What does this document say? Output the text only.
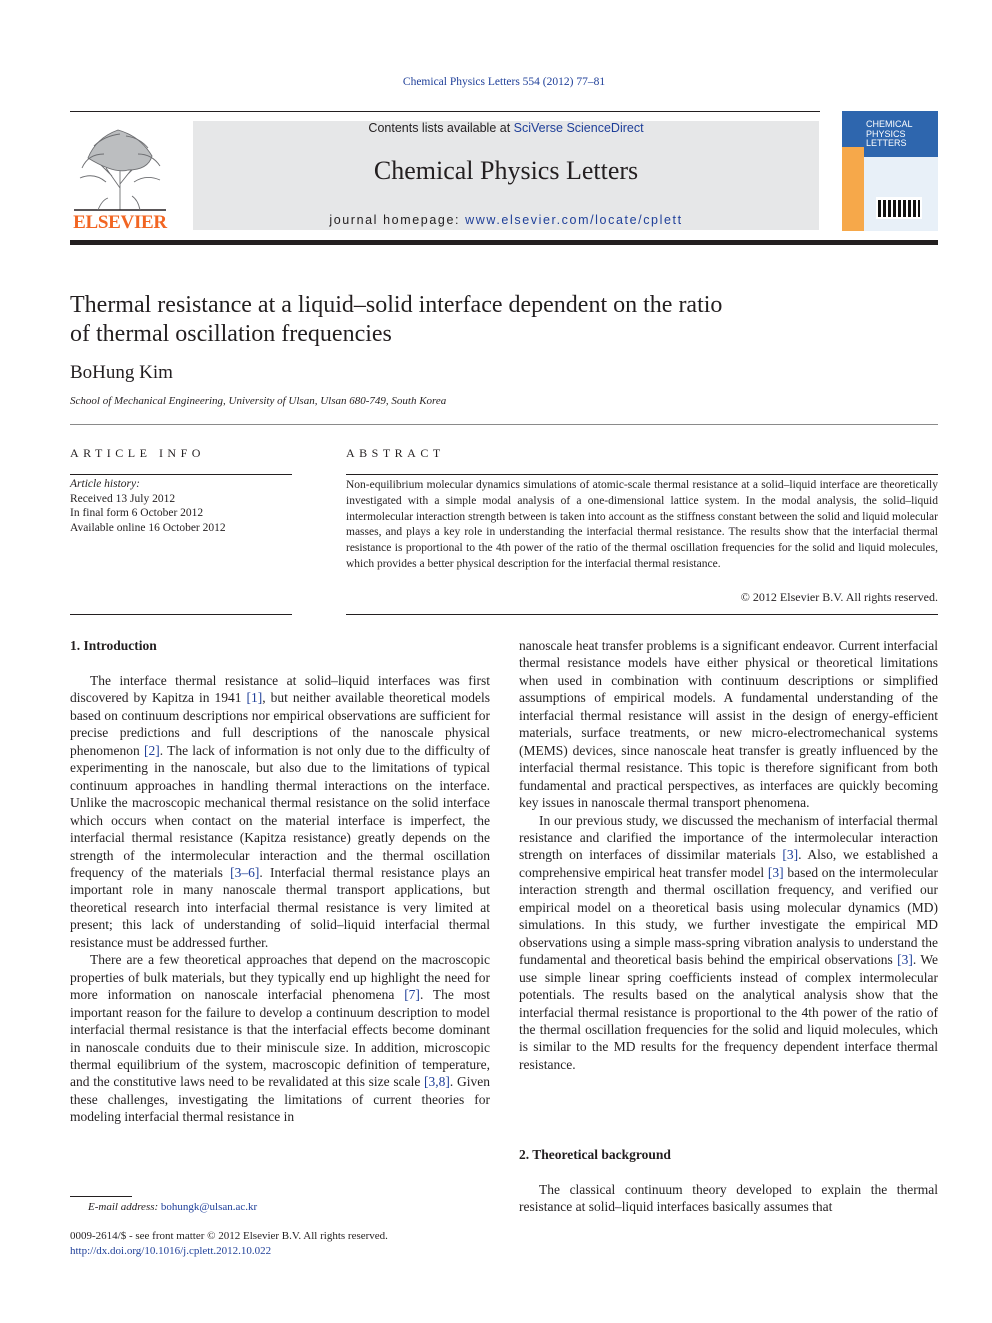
Chemical Physics Letters 554 (2012) 77–81
ELSEVIER
Contents lists available at SciVerse ScienceDirect
Chemical Physics Letters
journal homepage: www.elsevier.com/locate/cplett
CHEMICAL
PHYSICS
LETTERS
Thermal resistance at a liquid–solid interface dependent on the ratio
of thermal oscillation frequencies
BoHung Kim
School of Mechanical Engineering, University of Ulsan, Ulsan 680-749, South Korea
ARTICLE INFO	ABSTRACT
Article history:
Received 13 July 2012
In final form 6 October 2012
Available online 16 October 2012
Non-equilibrium molecular dynamics simulations of atomic-scale thermal resistance at a solid–liquid interface are theoretically investigated with a simple modal analysis of a one-dimensional lattice system. In the modal analysis, the solid–liquid intermolecular interaction strength between is taken into account as the stiffness constant between the solid and liquid molecular masses, and plays a key role in understanding the interfacial thermal resistance. The results show that the interfacial thermal resistance is proportional to the 4th power of the ratio of the thermal oscillation frequencies for the solid and liquid molecules, which provides a better physical description for the interfacial thermal resistance.
© 2012 Elsevier B.V. All rights reserved.
1. Introduction

The interface thermal resistance at solid–liquid interfaces was first discovered by Kapitza in 1941 [1], but neither available theoretical models based on continuum descriptions nor empirical observations are sufficient for precise predictions and full descriptions of the nanoscale physical phenomenon [2]. The lack of information is not only due to the difficulty of experimenting in the nanoscale, but also due to the limitations of typical continuum approaches in handling thermal interactions on the interface. Unlike the macroscopic mechanical thermal resistance on the solid interface which occurs when contact on the material interface is imperfect, the interfacial thermal resistance (Kapitza resistance) greatly depends on the strength of the intermolecular interaction and the thermal oscillation frequency of the materials [3–6]. Interfacial thermal resistance plays an important role in many nanoscale thermal transport applications, but theoretical research into interfacial thermal resistance is very limited at present; this lack of understanding of solid–liquid interfacial thermal resistance must be addressed further.

There are a few theoretical approaches that depend on the macroscopic properties of bulk materials, but they typically end up highlight the need for more information on nanoscale interfacial phenomena [7]. The most important reason for the failure to develop a continuum description to model interfacial thermal resistance is that the interfacial effects become dominant in nanoscale conduits due to their miniscule size. In addition, microscopic thermal equilibrium of the system, macroscopic definition of temperature, and the constitutive laws need to be revalidated at this size scale [3,8]. Given these challenges, investigating the limitations of current theories for modeling interfacial thermal resistance in

nanoscale heat transfer problems is a significant endeavor. Current interfacial thermal resistance models have either physical or theoretical limitations when used in combination with continuum descriptions or simplified assumptions of empirical models. A fundamental understanding of the interfacial thermal resistance will assist in the design of energy-efficient materials, surface treatments, or new micro-electromechanical systems (MEMS) devices, since nanoscale heat transfer is greatly influenced by the interfacial thermal resistance. This topic is therefore significant from both fundamental and practical perspectives, as interfaces are quickly becoming key issues in nanoscale thermal transport phenomena.

In our previous study, we discussed the mechanism of interfacial thermal resistance and clarified the importance of the intermolecular interaction strength on interfaces of dissimilar materials [3]. Also, we established a comprehensive empirical heat transfer model [3] based on the intermolecular interaction strength and thermal oscillation frequency, and verified our empirical model on a theoretical basis using molecular dynamics (MD) simulations. In this study, we further investigate the empirical MD observations using a simple mass-spring vibration analysis to understand the fundamental and theoretical basis behind the empirical observations [3]. We use simple linear spring coefficients instead of complex intermolecular potentials. The results based on the analytical analysis show that the interfacial thermal resistance is proportional to the 4th power of the ratio of the thermal oscillation frequencies for the solid and liquid molecules, which is similar to the MD results for the frequency dependent interface thermal resistance.

2. Theoretical background

The classical continuum theory developed to explain the thermal resistance at solid–liquid interfaces basically assumes that

E-mail address: bohungk@ulsan.ac.kr
0009-2614/$ - see front matter © 2012 Elsevier B.V. All rights reserved.
http://dx.doi.org/10.1016/j.cplett.2012.10.022
